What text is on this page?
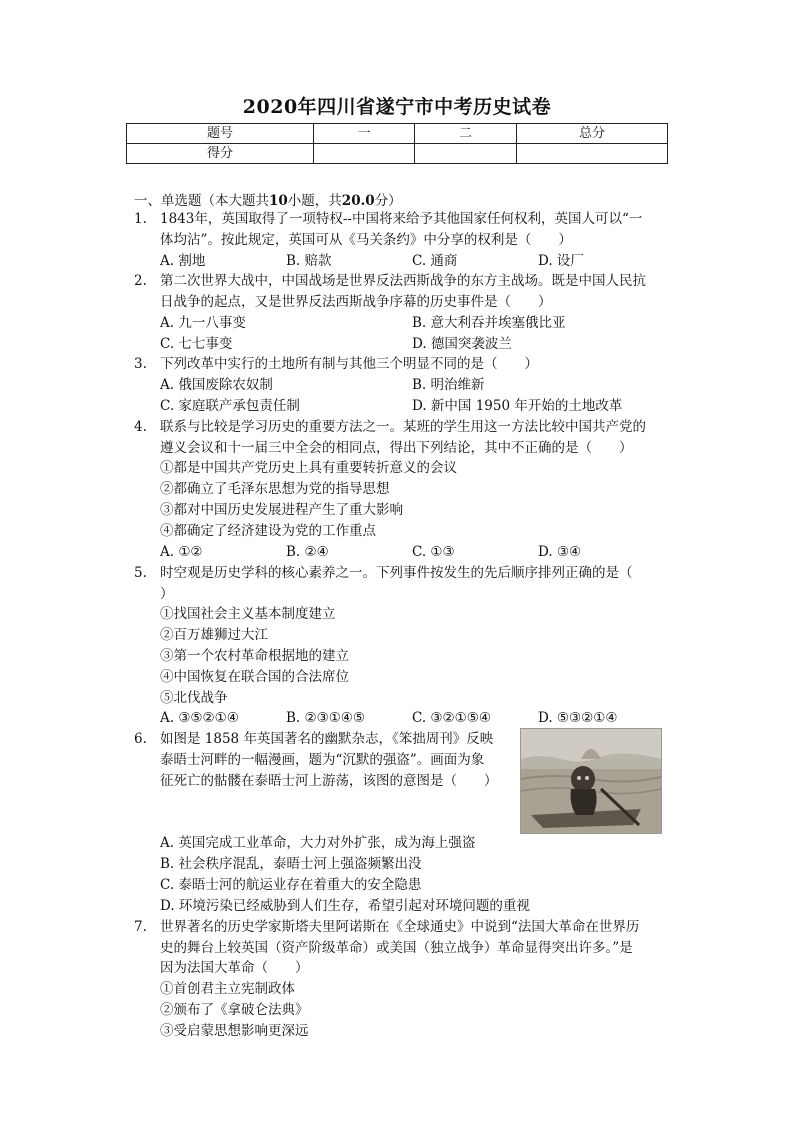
2020年四川省遂宁市中考历史试卷
题号	一	二	总分
得分			
一、单选题（本大题共10小题，共20.0分）
1. 1843年，英国取得了一项特权--中国将来给予其他国家任何权利，英国人可以“一
体均沾”。按此规定，英国可从《马关条约》中分享的权利是（　　）
A. 割地	B. 赔款	C. 通商	D. 设厂
2. 第二次世界大战中，中国战场是世界反法西斯战争的东方主战场。既是中国人民抗
日战争的起点，又是世界反法西斯战争序幕的历史事件是（　　）
A. 九一八事变	B. 意大利吞并埃塞俄比亚
C. 七七事变	D. 德国突袭波兰
3. 下列改革中实行的土地所有制与其他三个明显不同的是（　　）
A. 俄国废除农奴制	B. 明治维新
C. 家庭联产承包责任制	D. 新中国 1950 年开始的土地改革
4. 联系与比较是学习历史的重要方法之一。某班的学生用这一方法比较中国共产党的
遵义会议和十一届三中全会的相同点，得出下列结论，其中不正确的是（　　）
①都是中国共产党历史上具有重要转折意义的会议
②都确立了毛泽东思想为党的指导思想
③都对中国历史发展进程产生了重大影响
④都确定了经济建设为党的工作重点
A. ①②	B. ②④	C. ①③	D. ③④
5. 时空观是历史学科的核心素养之一。下列事件按发生的先后顺序排列正确的是（
）
①找国社会主义基本制度建立
②百万雄狮过大江
③第一个农村革命根据地的建立
④中国恢复在联合国的合法席位
⑤北伐战争
A. ③⑤②①④	B. ②③①④⑤	C. ③②①⑤④	D. ⑤③②①④
6. 如图是 1858 年英国著名的幽默杂志，《笨拙周刊》反映
泰晤士河畔的一幅漫画，题为“沉默的强盗”。画面为象
征死亡的骷髅在泰晤士河上游荡，该图的意图是（　　）
A. 英国完成工业革命，大力对外扩张，成为海上强盗
B. 社会秩序混乱，泰晤士河上强盗频繁出没
C. 泰晤士河的航运业存在着重大的安全隐患
D. 环境污染已经威胁到人们生存，希望引起对环境问题的重视
7. 世界著名的历史学家斯塔夫里阿诺斯在《全球通史》中说到“法国大革命在世界历
史的舞台上较英国（资产阶级革命）或美国（独立战争）革命显得突出许多。”是
因为法国大革命（　　）
①首创君主立宪制政体
②颁布了《拿破仑法典》
③受启蒙思想影响更深远
